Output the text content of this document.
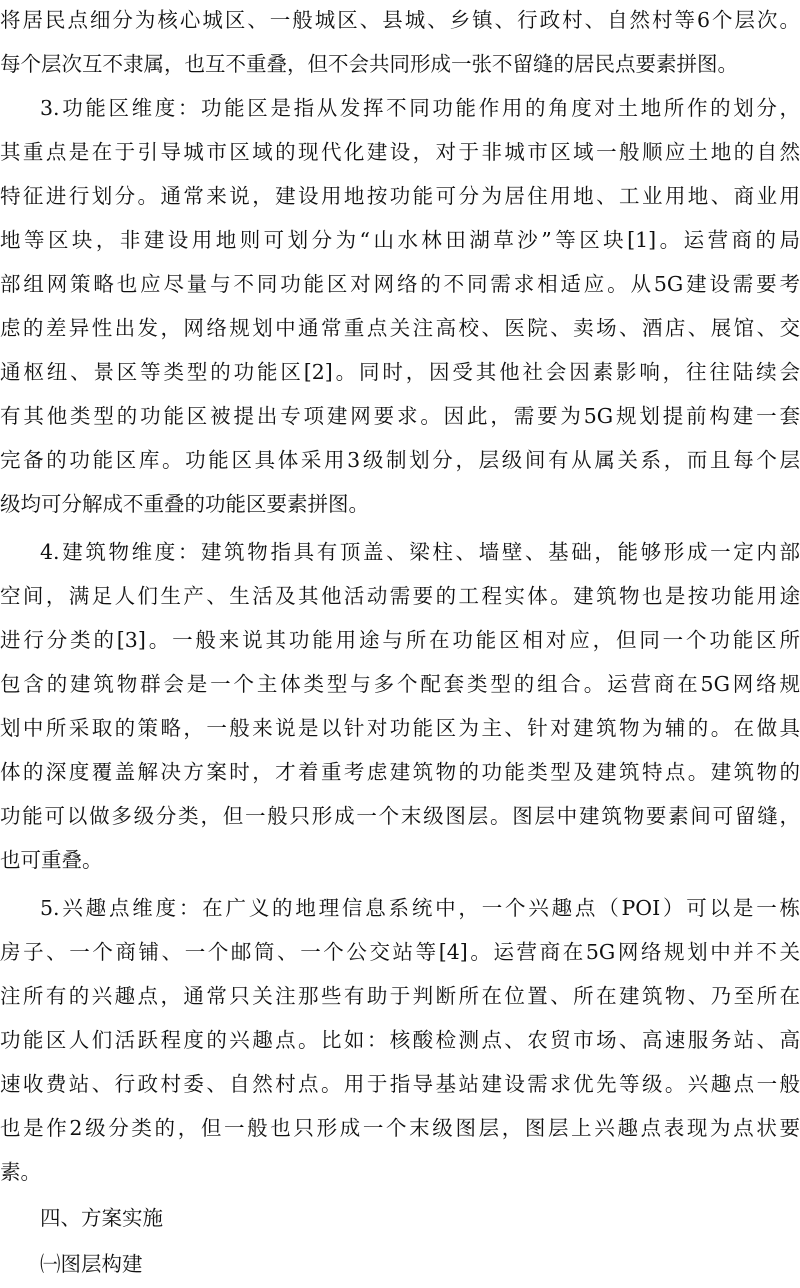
将居民点细分为核心城区、一般城区、县城、乡镇、行政村、自然村等6个层次。
每个层次互不隶属，也互不重叠，但不会共同形成一张不留缝的居民点要素拼图。
3.功能区维度：功能区是指从发挥不同功能作用的角度对土地所作的划分，
其重点是在于引导城市区域的现代化建设，对于非城市区域一般顺应土地的自然
特征进行划分。通常来说，建设用地按功能可分为居住用地、工业用地、商业用
地等区块，非建设用地则可划分为“山水林田湖草沙”等区块[1]。运营商的局
部组网策略也应尽量与不同功能区对网络的不同需求相适应。从5G建设需要考
虑的差异性出发，网络规划中通常重点关注高校、医院、卖场、酒店、展馆、交
通枢纽、景区等类型的功能区[2]。同时，因受其他社会因素影响，往往陆续会
有其他类型的功能区被提出专项建网要求。因此，需要为5G规划提前构建一套
完备的功能区库。功能区具体采用3级制划分，层级间有从属关系，而且每个层
级均可分解成不重叠的功能区要素拼图。
4.建筑物维度：建筑物指具有顶盖、梁柱、墙壁、基础，能够形成一定内部
空间，满足人们生产、生活及其他活动需要的工程实体。建筑物也是按功能用途
进行分类的[3]。一般来说其功能用途与所在功能区相对应，但同一个功能区所
包含的建筑物群会是一个主体类型与多个配套类型的组合。运营商在5G网络规
划中所采取的策略，一般来说是以针对功能区为主、针对建筑物为辅的。在做具
体的深度覆盖解决方案时，才着重考虑建筑物的功能类型及建筑特点。建筑物的
功能可以做多级分类，但一般只形成一个末级图层。图层中建筑物要素间可留缝，
也可重叠。
5.兴趣点维度：在广义的地理信息系统中，一个兴趣点（POI）可以是一栋
房子、一个商铺、一个邮筒、一个公交站等[4]。运营商在5G网络规划中并不关
注所有的兴趣点，通常只关注那些有助于判断所在位置、所在建筑物、乃至所在
功能区人们活跃程度的兴趣点。比如：核酸检测点、农贸市场、高速服务站、高
速收费站、行政村委、自然村点。用于指导基站建设需求优先等级。兴趣点一般
也是作2级分类的，但一般也只形成一个末级图层，图层上兴趣点表现为点状要
素。
四、方案实施
㈠图层构建
